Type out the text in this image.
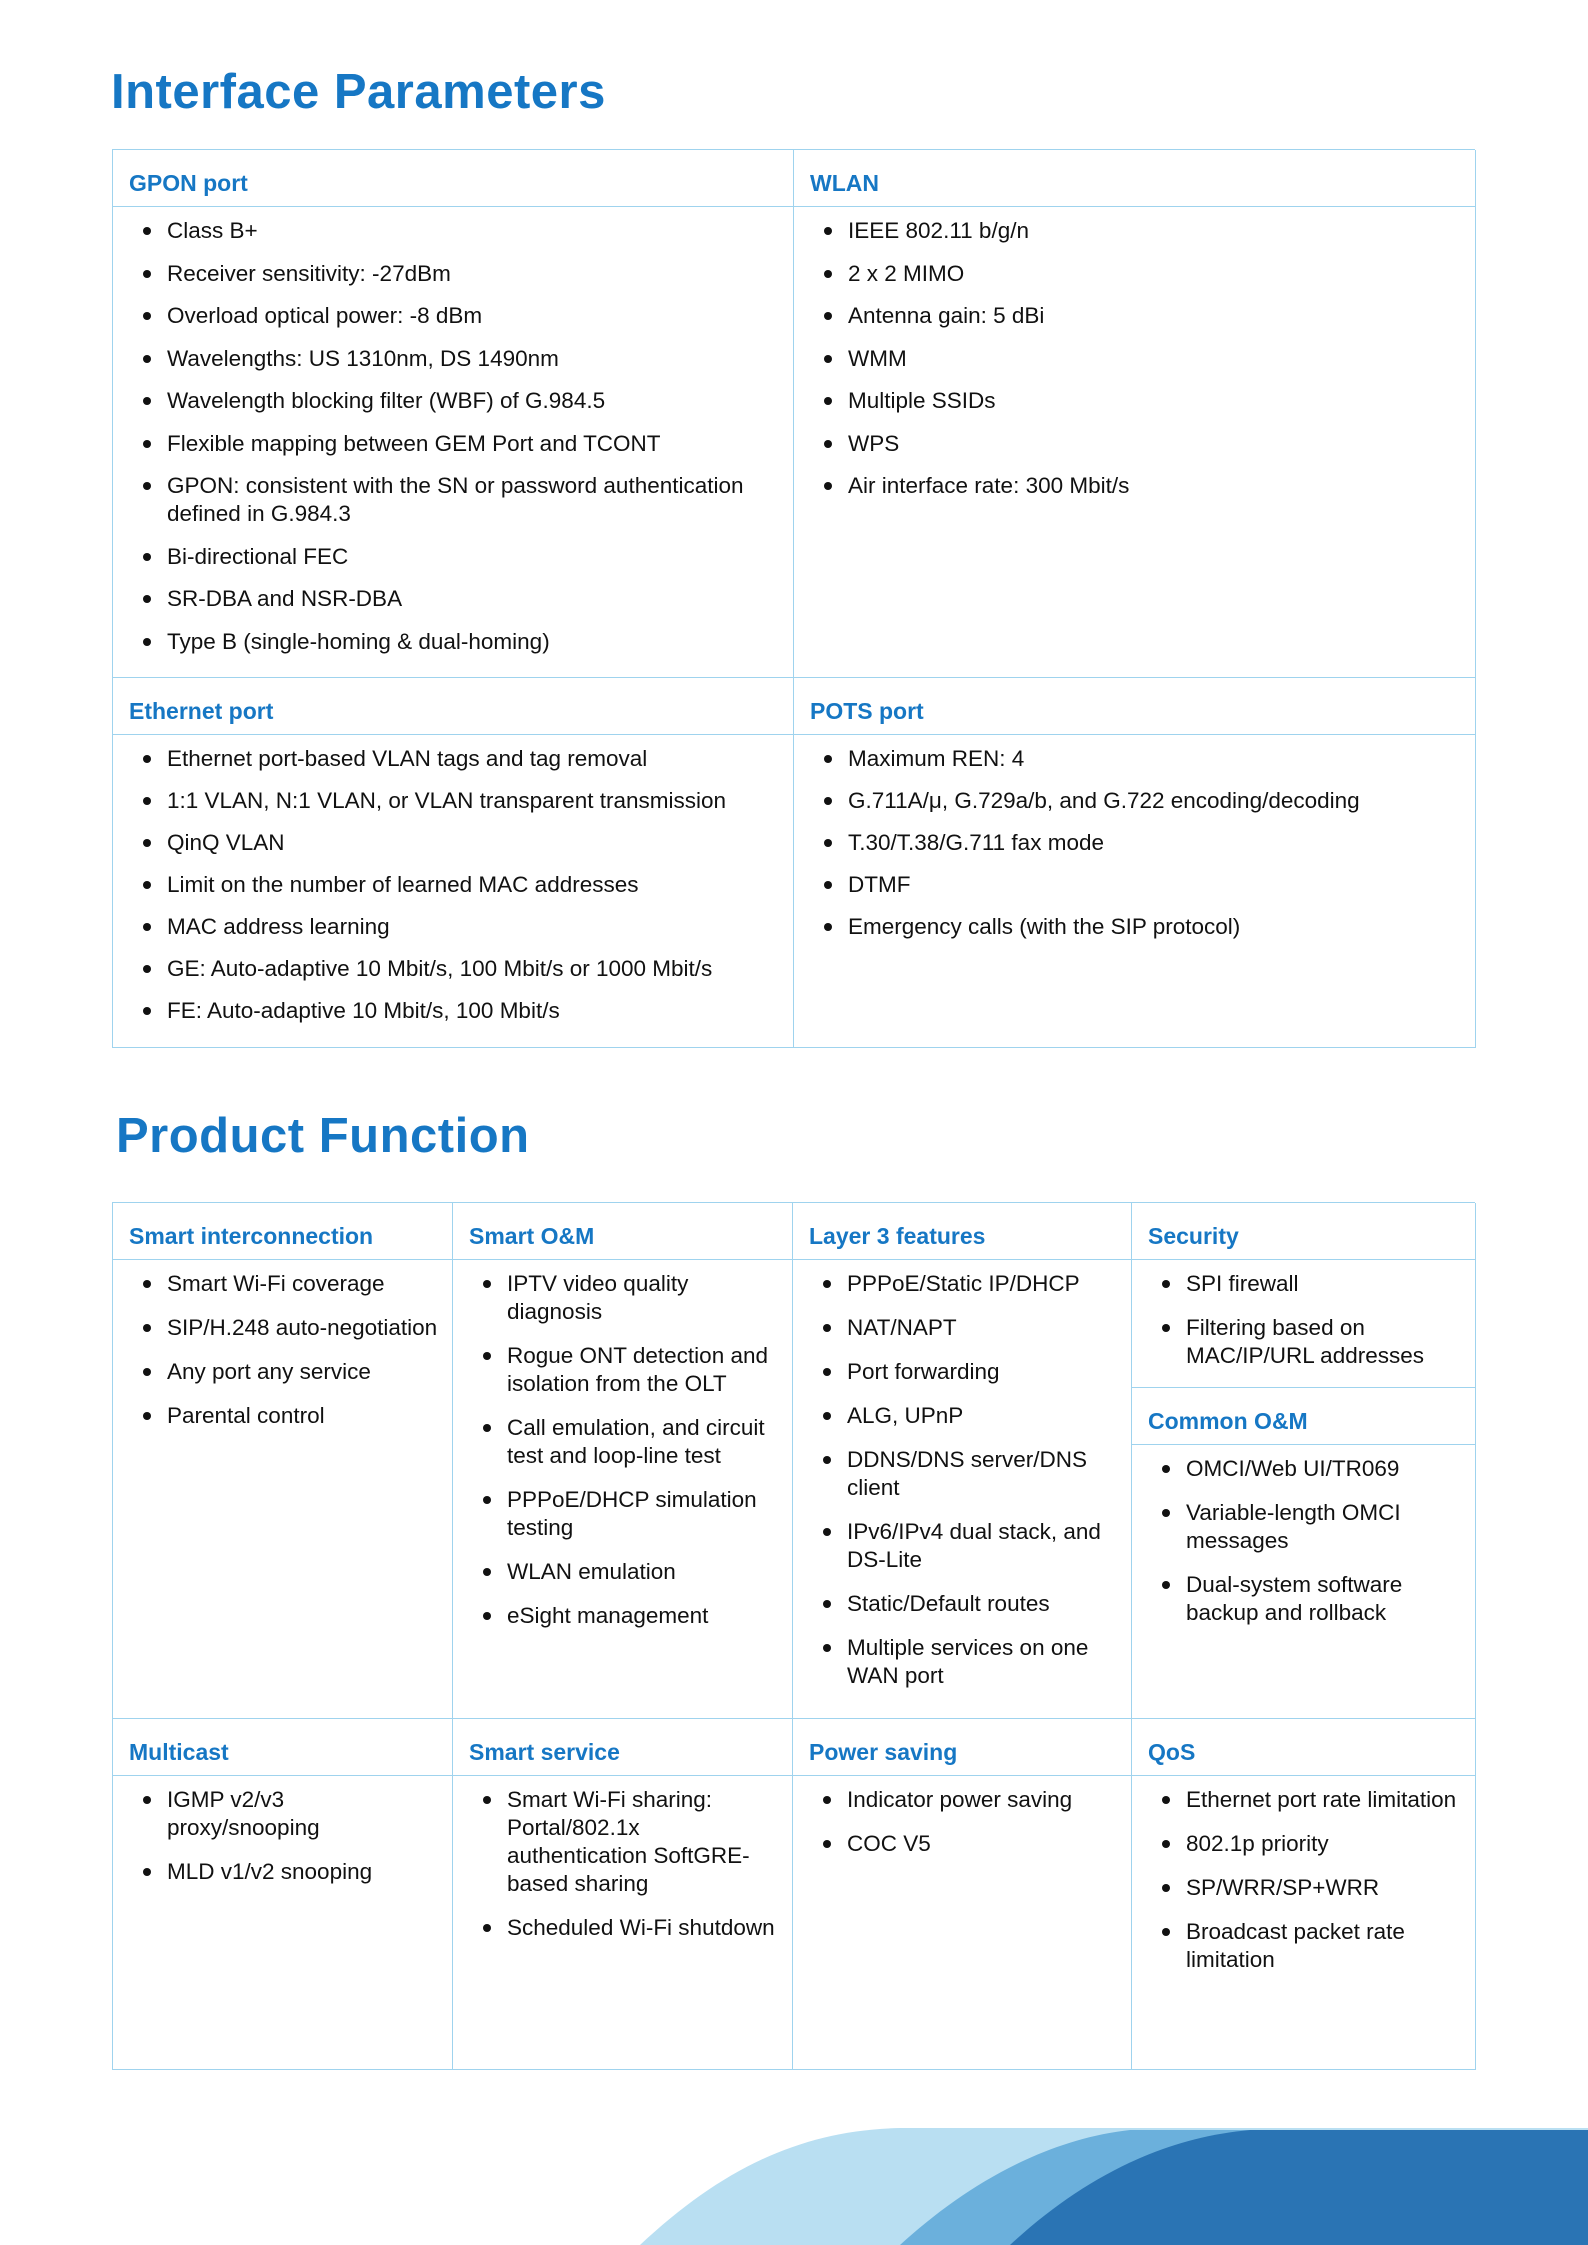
Interface Parameters
GPON port
Class B+
Receiver sensitivity: -27dBm
Overload optical power: -8 dBm
Wavelengths: US 1310nm, DS 1490nm
Wavelength blocking filter (WBF) of G.984.5
Flexible mapping between GEM Port and TCONT
GPON: consistent with the SN or password authentication defined in G.984.3
Bi-directional FEC
SR-DBA and NSR-DBA
Type B (single-homing & dual-homing)
WLAN
IEEE 802.11 b/g/n
2 x 2 MIMO
Antenna gain: 5 dBi
WMM
Multiple SSIDs
WPS
Air interface rate: 300 Mbit/s
Ethernet port
Ethernet port-based VLAN tags and tag removal
1:1 VLAN, N:1 VLAN, or VLAN transparent transmission
QinQ VLAN
Limit on the number of learned MAC addresses
MAC address learning
GE: Auto-adaptive 10 Mbit/s, 100 Mbit/s or 1000 Mbit/s
FE: Auto-adaptive 10 Mbit/s, 100 Mbit/s
POTS port
Maximum REN: 4
G.711A/μ, G.729a/b, and G.722 encoding/decoding
T.30/T.38/G.711 fax mode
DTMF
Emergency calls (with the SIP protocol)
Product Function
Smart interconnection
Smart Wi-Fi coverage
SIP/H.248 auto-negotiation
Any port any service
Parental control
Smart O&M
IPTV video quality diagnosis
Rogue ONT detection and isolation from the OLT
Call emulation, and circuit test and loop-line test
PPPoE/DHCP simulation testing
WLAN emulation
eSight management
Layer 3 features
PPPoE/Static IP/DHCP
NAT/NAPT
Port forwarding
ALG, UPnP
DDNS/DNS server/DNS client
IPv6/IPv4 dual stack, and DS-Lite
Static/Default routes
Multiple services on one WAN port
Security
SPI firewall
Filtering based on MAC/IP/URL addresses
Common O&M
OMCI/Web UI/TR069
Variable-length OMCI messages
Dual-system software backup and rollback
Multicast
IGMP v2/v3 proxy/snooping
MLD v1/v2 snooping
Smart service
Smart Wi-Fi sharing: Portal/802.1x authentication SoftGRE-based sharing
Scheduled Wi-Fi shutdown
Power saving
Indicator power saving
COC V5
QoS
Ethernet port rate limitation
802.1p priority
SP/WRR/SP+WRR
Broadcast packet rate limitation
